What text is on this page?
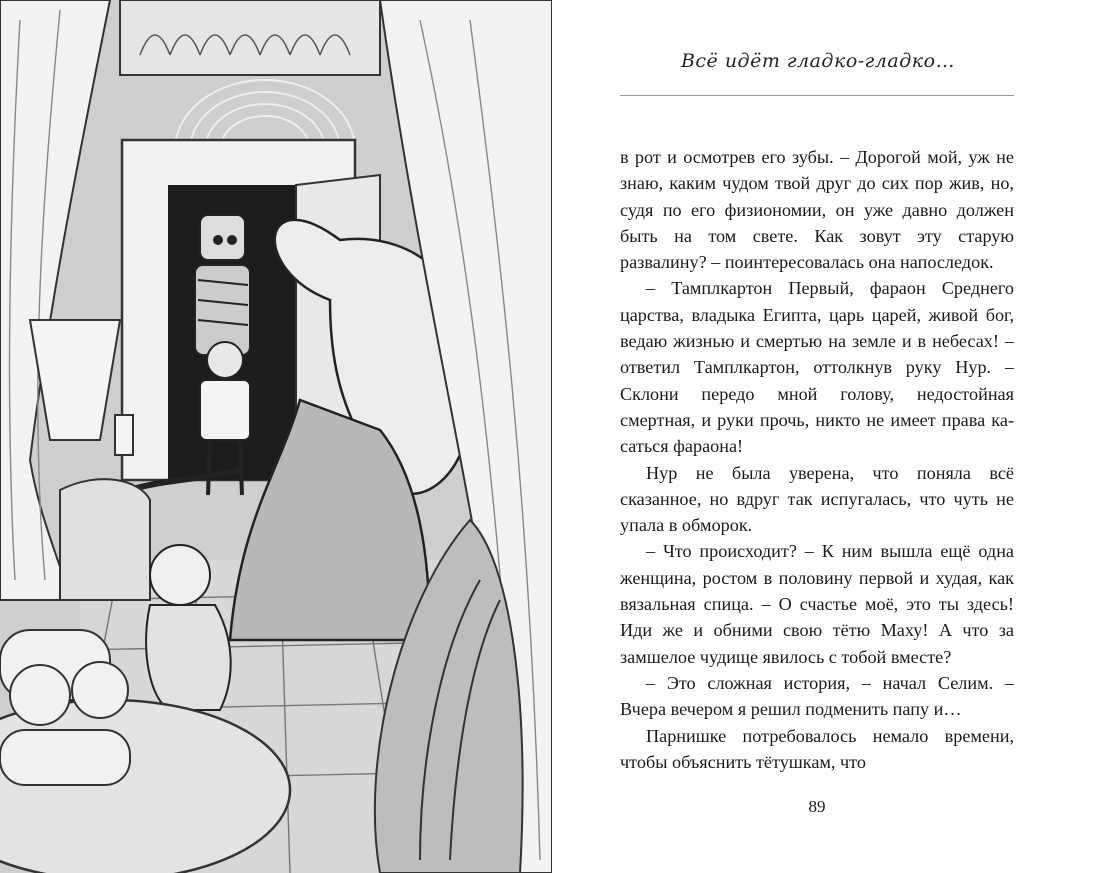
Всё идёт гладко-гладко…

в рот и осмотрев его зубы. – Дорогой мой, уж не знаю, каким чудом твой друг до сих пор жив, но, судя по его физиономии, он уже давно должен быть на том свете. Как зовут эту старую развалину? – поинтересовалась она напоследок.

– Тамплкартон Первый, фараон Среднего царства, владыка Египта, царь царей, живой бог, ведаю жизнью и смертью на земле и в небесах! – ответил Тамплкартон, оттолкнув руку Нур. – Склони передо мной голову, недостойная смертная, и руки прочь, никто не имеет права касаться фараона!

Нур не была уверена, что поняла всё сказанное, но вдруг так испугалась, что чуть не упала в обморок.

– Что происходит? – К ним вышла ещё одна женщина, ростом в половину первой и худая, как вязальная спица. – О счастье моё, это ты здесь! Иди же и обними свою тётю Маху! А что за замшелое чудище явилось с тобой вместе?

– Это сложная история, – начал Селим. – Вчера вечером я решил подменить папу и…

Парнишке потребовалось немало времени, чтобы объяснить тётушкам, что

89
